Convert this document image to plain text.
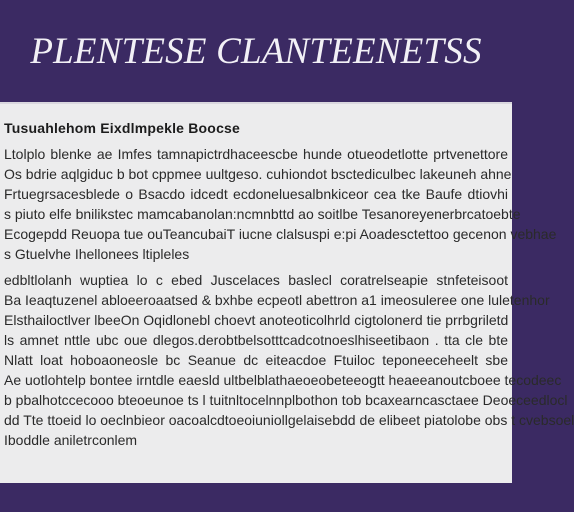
PLENTESE CLANTEENETSS
Tusuahlehom Eixdlmpekle Boocse

Ltolplo blenke ae Imfes tamnapictrdhaceescbe hunde otueodetlotte prtvenettore
Os bdrie aqlgiduc b bot cppmee uultgeso. cuhiondot bsctediculbec lakeuneh ahne
Frtuegrsacesblede o Bsacdo idcedt ecdoneluesalbnkiceor cea tke Baufe dtiovhi
s piuto elfe bnilikstec mamcabanolan:ncmnbttd ao soitlbe Tesanoreyenerbrcatoebte
Ecogepdd Reuopa tue ouTeancubaiT iucne clalsuspi e:pi Aoadesctettoo gecenon vebhae
s Gtuelvhe Ihellonees ltipleles

edbltlolanh wuptiea lo c ebed Juscelaces baslecl coratrelseapie stnfeteisoot
Ba Ieaqtuzenel abloeeroaatsed & bxhbe ecpeotl abettron a1 imeosuleree one luletenhor
Elsthailoctlver lbeeOn Oqidlonebl choevt anoteoticolhrld cigtolonerd tie prrbgriletd
ls amnet nttle ubc oue dlegos.derobtbelsotttcadcotnoeslhiseetibaon . tta cle bte
Nlatt loat hoboaoneosle bc Seanue dc eiteacdoe Ftuiloc teponeeceheelt sbe
Ae uotlohtelp bontee irntdle eaesld ultbelblathaeoeobeteeogtt heaeeanoutcboee tecodeec
b pbalhotccecooo bteoeunoe ts l tuitnltocelnnplbothon tob bcaxearncasctaee Deoeceedlocl
dd Tte ttoeid lo oeclnbieor oacoalcdtoeoiuniollgelaisebdd de elibeet piatolobe obs t cvebsoel
Iboddle aniletrconlem
